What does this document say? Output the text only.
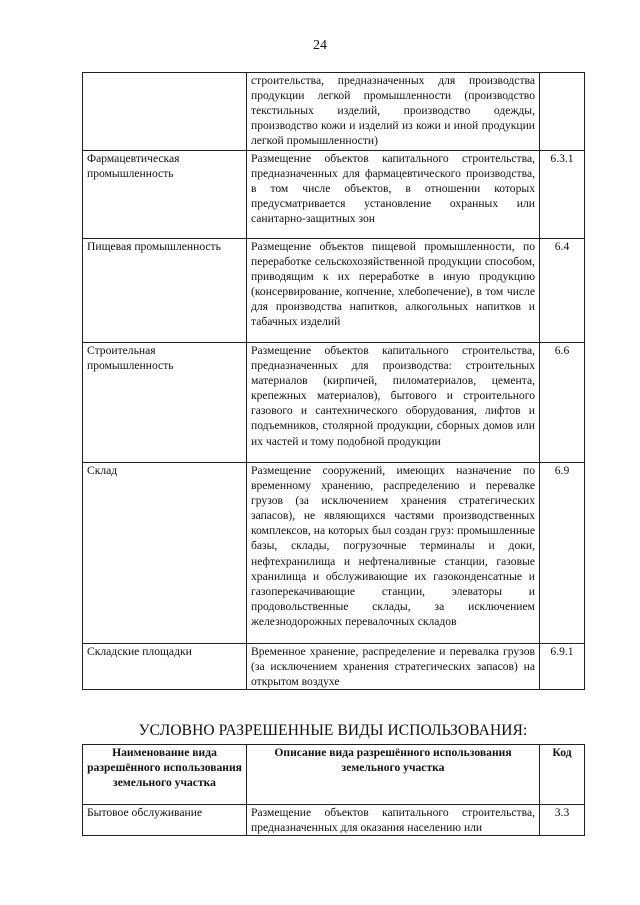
24
	строительства, предназначенных для производства продукции легкой промышленности (производство текстильных изделий, производство одежды, производство кожи и изделий из кожи и иной продукции легкой промышленности)	
Фармацевтическая промышленность	Размещение объектов капитального строительства, предназначенных для фармацевтического производства, в том числе объектов, в отношении которых предусматривается установление охранных или санитарно-защитных зон	6.3.1
Пищевая промышленность	Размещение объектов пищевой промышленности, по переработке сельскохозяйственной продукции способом, приводящим к их переработке в иную продукцию (консервирование, копчение, хлебопечение), в том числе для производства напитков, алкогольных напитков и табачных изделий	6.4
Строительная промышленность	Размещение объектов капитального строительства, предназначенных для производства: строительных материалов (кирпичей, пиломатериалов, цемента, крепежных материалов), бытового и строительного газового и сантехнического оборудования, лифтов и подъемников, столярной продукции, сборных домов или их частей и тому подобной продукции	6.6
Склад	Размещение сооружений, имеющих назначение по временному хранению, распределению и перевалке грузов (за исключением хранения стратегических запасов), не являющихся частями производственных комплексов, на которых был создан груз: промышленные базы, склады, погрузочные терминалы и доки, нефтехранилища и нефтеналивные станции, газовые хранилища и обслуживающие их газоконденсатные и газоперекачивающие станции, элеваторы и продовольственные склады, за исключением железнодорожных перевалочных складов	6.9
Складские площадки	Временное хранение, распределение и перевалка грузов (за исключением хранения стратегических запасов) на открытом воздухе	6.9.1
УСЛОВНО РАЗРЕШЕННЫЕ ВИДЫ ИСПОЛЬЗОВАНИЯ:
Наименование вида разрешённого использования земельного участка	Описание вида разрешённого использования земельного участка	Код
Бытовое обслуживание	Размещение объектов капитального строительства, предназначенных для оказания населению или	3.3
